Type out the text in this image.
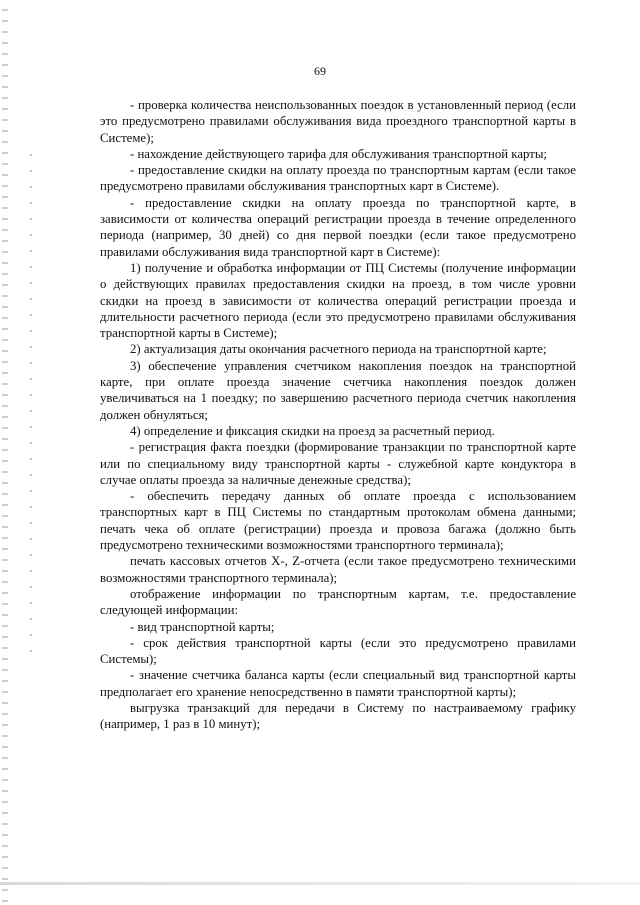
69

- проверка количества неиспользованных поездок в установленный период (если это предусмотрено правилами обслуживания вида проездного транспортной карты в Системе);

- нахождение действующего тарифа для обслуживания транспортной карты;

- предоставление скидки на оплату проезда по транспортным картам (если такое предусмотрено правилами обслуживания транспортных карт в Системе).

- предоставление скидки на оплату проезда по транспортной карте, в зависимости от количества операций регистрации проезда в течение определенного периода (например, 30 дней) со дня первой поездки (если такое предусмотрено правилами обслуживания вида транспортной карт в Системе):

1) получение и обработка информации от ПЦ Системы (получение информации о действующих правилах предоставления скидки на проезд, в том числе уровни скидки на проезд в зависимости от количества операций регистрации проезда и длительности расчетного периода (если это предусмотрено правилами обслуживания транспортной карты в Системе);

2) актуализация даты окончания расчетного периода на транспортной карте;

3) обеспечение управления счетчиком накопления поездок на транспортной карте, при оплате проезда значение счетчика накопления поездок должен увеличиваться на 1 поездку; по завершению расчетного периода счетчик накопления должен обнуляться;

4) определение и фиксация скидки на проезд за расчетный период.

- регистрация факта поездки (формирование транзакции по транспортной карте или по специальному виду транспортной карты - служебной карте кондуктора в случае оплаты проезда за наличные денежные средства);

- обеспечить передачу данных об оплате проезда с использованием транспортных карт в ПЦ Системы по стандартным протоколам обмена данными; печать чека об оплате (регистрации) проезда и провоза багажа (должно быть предусмотрено техническими возможностями транспортного терминала);

печать кассовых отчетов Х-, Z-отчета (если такое предусмотрено техническими возможностями транспортного терминала);

отображение информации по транспортным картам, т.е. предоставление следующей информации:

- вид транспортной карты;

- срок действия транспортной карты (если это предусмотрено правилами Системы);

- значение счетчика баланса карты (если специальный вид транспортной карты предполагает его хранение непосредственно в памяти транспортной карты);

выгрузка транзакций для передачи в Систему по настраиваемому графику (например, 1 раз в 10 минут);
